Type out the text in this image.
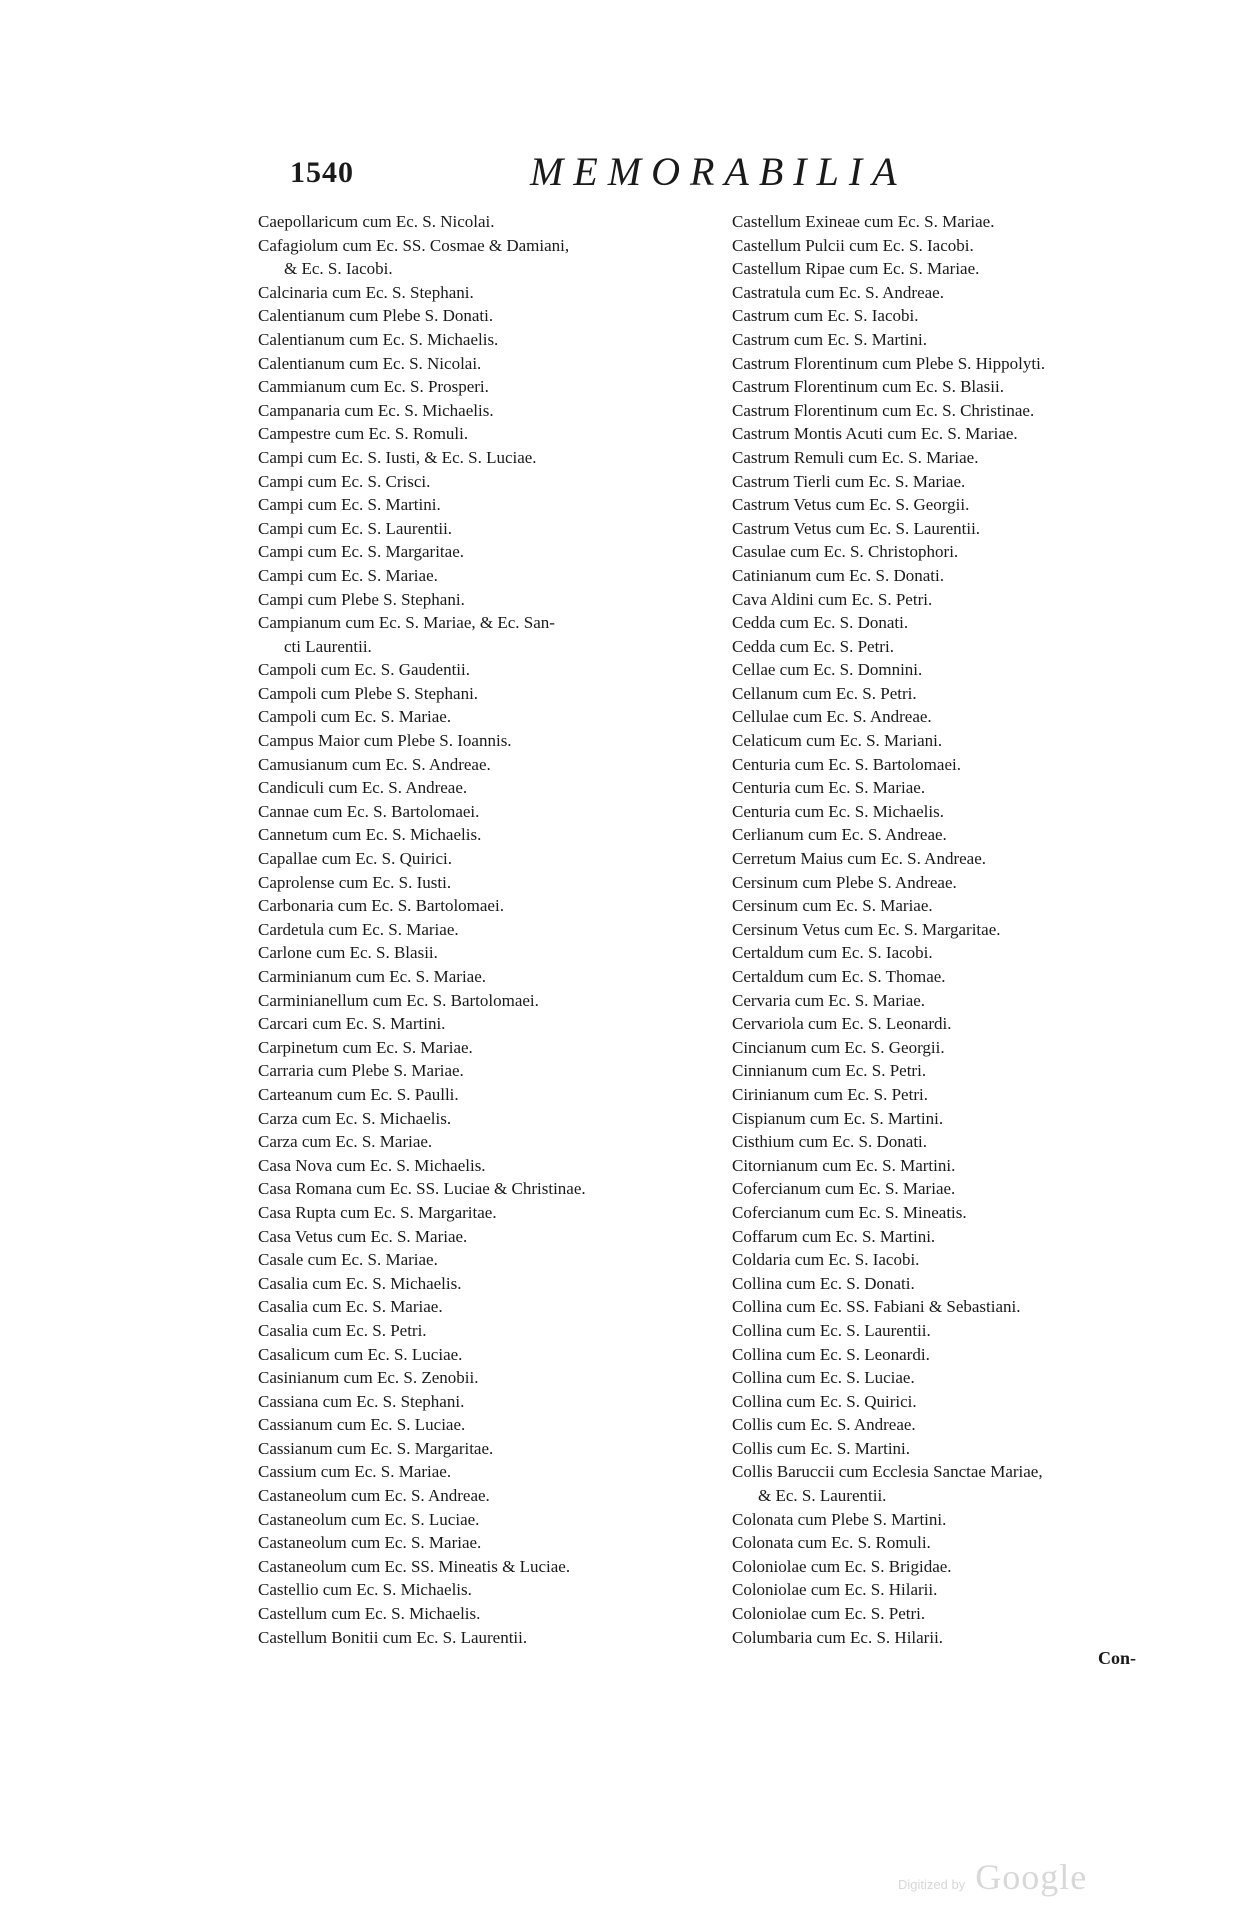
1540	MEMORABILIA
Caepollaricum cum Ec. S. Nicolai.
Cafagiolum cum Ec. SS. Cosmae & Damiani,
& Ec. S. Iacobi.
Calcinaria cum Ec. S. Stephani.
Calentianum cum Plebe S. Donati.
Calentianum cum Ec. S. Michaelis.
Calentianum cum Ec. S. Nicolai.
Cammianum cum Ec. S. Prosperi.
Campanaria cum Ec. S. Michaelis.
Campestre cum Ec. S. Romuli.
Campi cum Ec. S. Iusti, & Ec. S. Luciae.
Campi cum Ec. S. Crisci.
Campi cum Ec. S. Martini.
Campi cum Ec. S. Laurentii.
Campi cum Ec. S. Margaritae.
Campi cum Ec. S. Mariae.
Campi cum Plebe S. Stephani.
Campianum cum Ec. S. Mariae, & Ec. San-
cti Laurentii.
Campoli cum Ec. S. Gaudentii.
Campoli cum Plebe S. Stephani.
Campoli cum Ec. S. Mariae.
Campus Maior cum Plebe S. Ioannis.
Camusianum cum Ec. S. Andreae.
Candiculi cum Ec. S. Andreae.
Cannae cum Ec. S. Bartolomaei.
Cannetum cum Ec. S. Michaelis.
Capallae cum Ec. S. Quirici.
Caprolense cum Ec. S. Iusti.
Carbonaria cum Ec. S. Bartolomaei.
Cardetula cum Ec. S. Mariae.
Carlone cum Ec. S. Blasii.
Carminianum cum Ec. S. Mariae.
Carminianellum cum Ec. S. Bartolomaei.
Carcari cum Ec. S. Martini.
Carpinetum cum Ec. S. Mariae.
Carraria cum Plebe S. Mariae.
Carteanum cum Ec. S. Paulli.
Carza cum Ec. S. Michaelis.
Carza cum Ec. S. Mariae.
Casa Nova cum Ec. S. Michaelis.
Casa Romana cum Ec. SS. Luciae & Christinae.
Casa Rupta cum Ec. S. Margaritae.
Casa Vetus cum Ec. S. Mariae.
Casale cum Ec. S. Mariae.
Casalia cum Ec. S. Michaelis.
Casalia cum Ec. S. Mariae.
Casalia cum Ec. S. Petri.
Casalicum cum Ec. S. Luciae.
Casinianum cum Ec. S. Zenobii.
Cassiana cum Ec. S. Stephani.
Cassianum cum Ec. S. Luciae.
Cassianum cum Ec. S. Margaritae.
Cassium cum Ec. S. Mariae.
Castaneolum cum Ec. S. Andreae.
Castaneolum cum Ec. S. Luciae.
Castaneolum cum Ec. S. Mariae.
Castaneolum cum Ec. SS. Mineatis & Luciae.
Castellio cum Ec. S. Michaelis.
Castellum cum Ec. S. Michaelis.
Castellum Bonitii cum Ec. S. Laurentii.
Castellum Exineae cum Ec. S. Mariae.
Castellum Pulcii cum Ec. S. Iacobi.
Castellum Ripae cum Ec. S. Mariae.
Castratula cum Ec. S. Andreae.
Castrum cum Ec. S. Iacobi.
Castrum cum Ec. S. Martini.
Castrum Florentinum cum Plebe S. Hippolyti.
Castrum Florentinum cum Ec. S. Blasii.
Castrum Florentinum cum Ec. S. Christinae.
Castrum Montis Acuti cum Ec. S. Mariae.
Castrum Remuli cum Ec. S. Mariae.
Castrum Tierli cum Ec. S. Mariae.
Castrum Vetus cum Ec. S. Georgii.
Castrum Vetus cum Ec. S. Laurentii.
Casulae cum Ec. S. Christophori.
Catinianum cum Ec. S. Donati.
Cava Aldini cum Ec. S. Petri.
Cedda cum Ec. S. Donati.
Cedda cum Ec. S. Petri.
Cellae cum Ec. S. Domnini.
Cellanum cum Ec. S. Petri.
Cellulae cum Ec. S. Andreae.
Celaticum cum Ec. S. Mariani.
Centuria cum Ec. S. Bartolomaei.
Centuria cum Ec. S. Mariae.
Centuria cum Ec. S. Michaelis.
Cerlianum cum Ec. S. Andreae.
Cerretum Maius cum Ec. S. Andreae.
Cersinum cum Plebe S. Andreae.
Cersinum cum Ec. S. Mariae.
Cersinum Vetus cum Ec. S. Margaritae.
Certaldum cum Ec. S. Iacobi.
Certaldum cum Ec. S. Thomae.
Cervaria cum Ec. S. Mariae.
Cervariola cum Ec. S. Leonardi.
Cincianum cum Ec. S. Georgii.
Cinnianum cum Ec. S. Petri.
Cirinianum cum Ec. S. Petri.
Cispianum cum Ec. S. Martini.
Cisthium cum Ec. S. Donati.
Citornianum cum Ec. S. Martini.
Cofercianum cum Ec. S. Mariae.
Cofercianum cum Ec. S. Mineatis.
Coffarum cum Ec. S. Martini.
Coldaria cum Ec. S. Iacobi.
Collina cum Ec. S. Donati.
Collina cum Ec. SS. Fabiani & Sebastiani.
Collina cum Ec. S. Laurentii.
Collina cum Ec. S. Leonardi.
Collina cum Ec. S. Luciae.
Collina cum Ec. S. Quirici.
Collis cum Ec. S. Andreae.
Collis cum Ec. S. Martini.
Collis Baruccii cum Ecclesia Sanctae Mariae,
& Ec. S. Laurentii.
Colonata cum Plebe S. Martini.
Colonata cum Ec. S. Romuli.
Coloniolae cum Ec. S. Brigidae.
Coloniolae cum Ec. S. Hilarii.
Coloniolae cum Ec. S. Petri.
Columbaria cum Ec. S. Hilarii.
Con-
Digitized by Google
